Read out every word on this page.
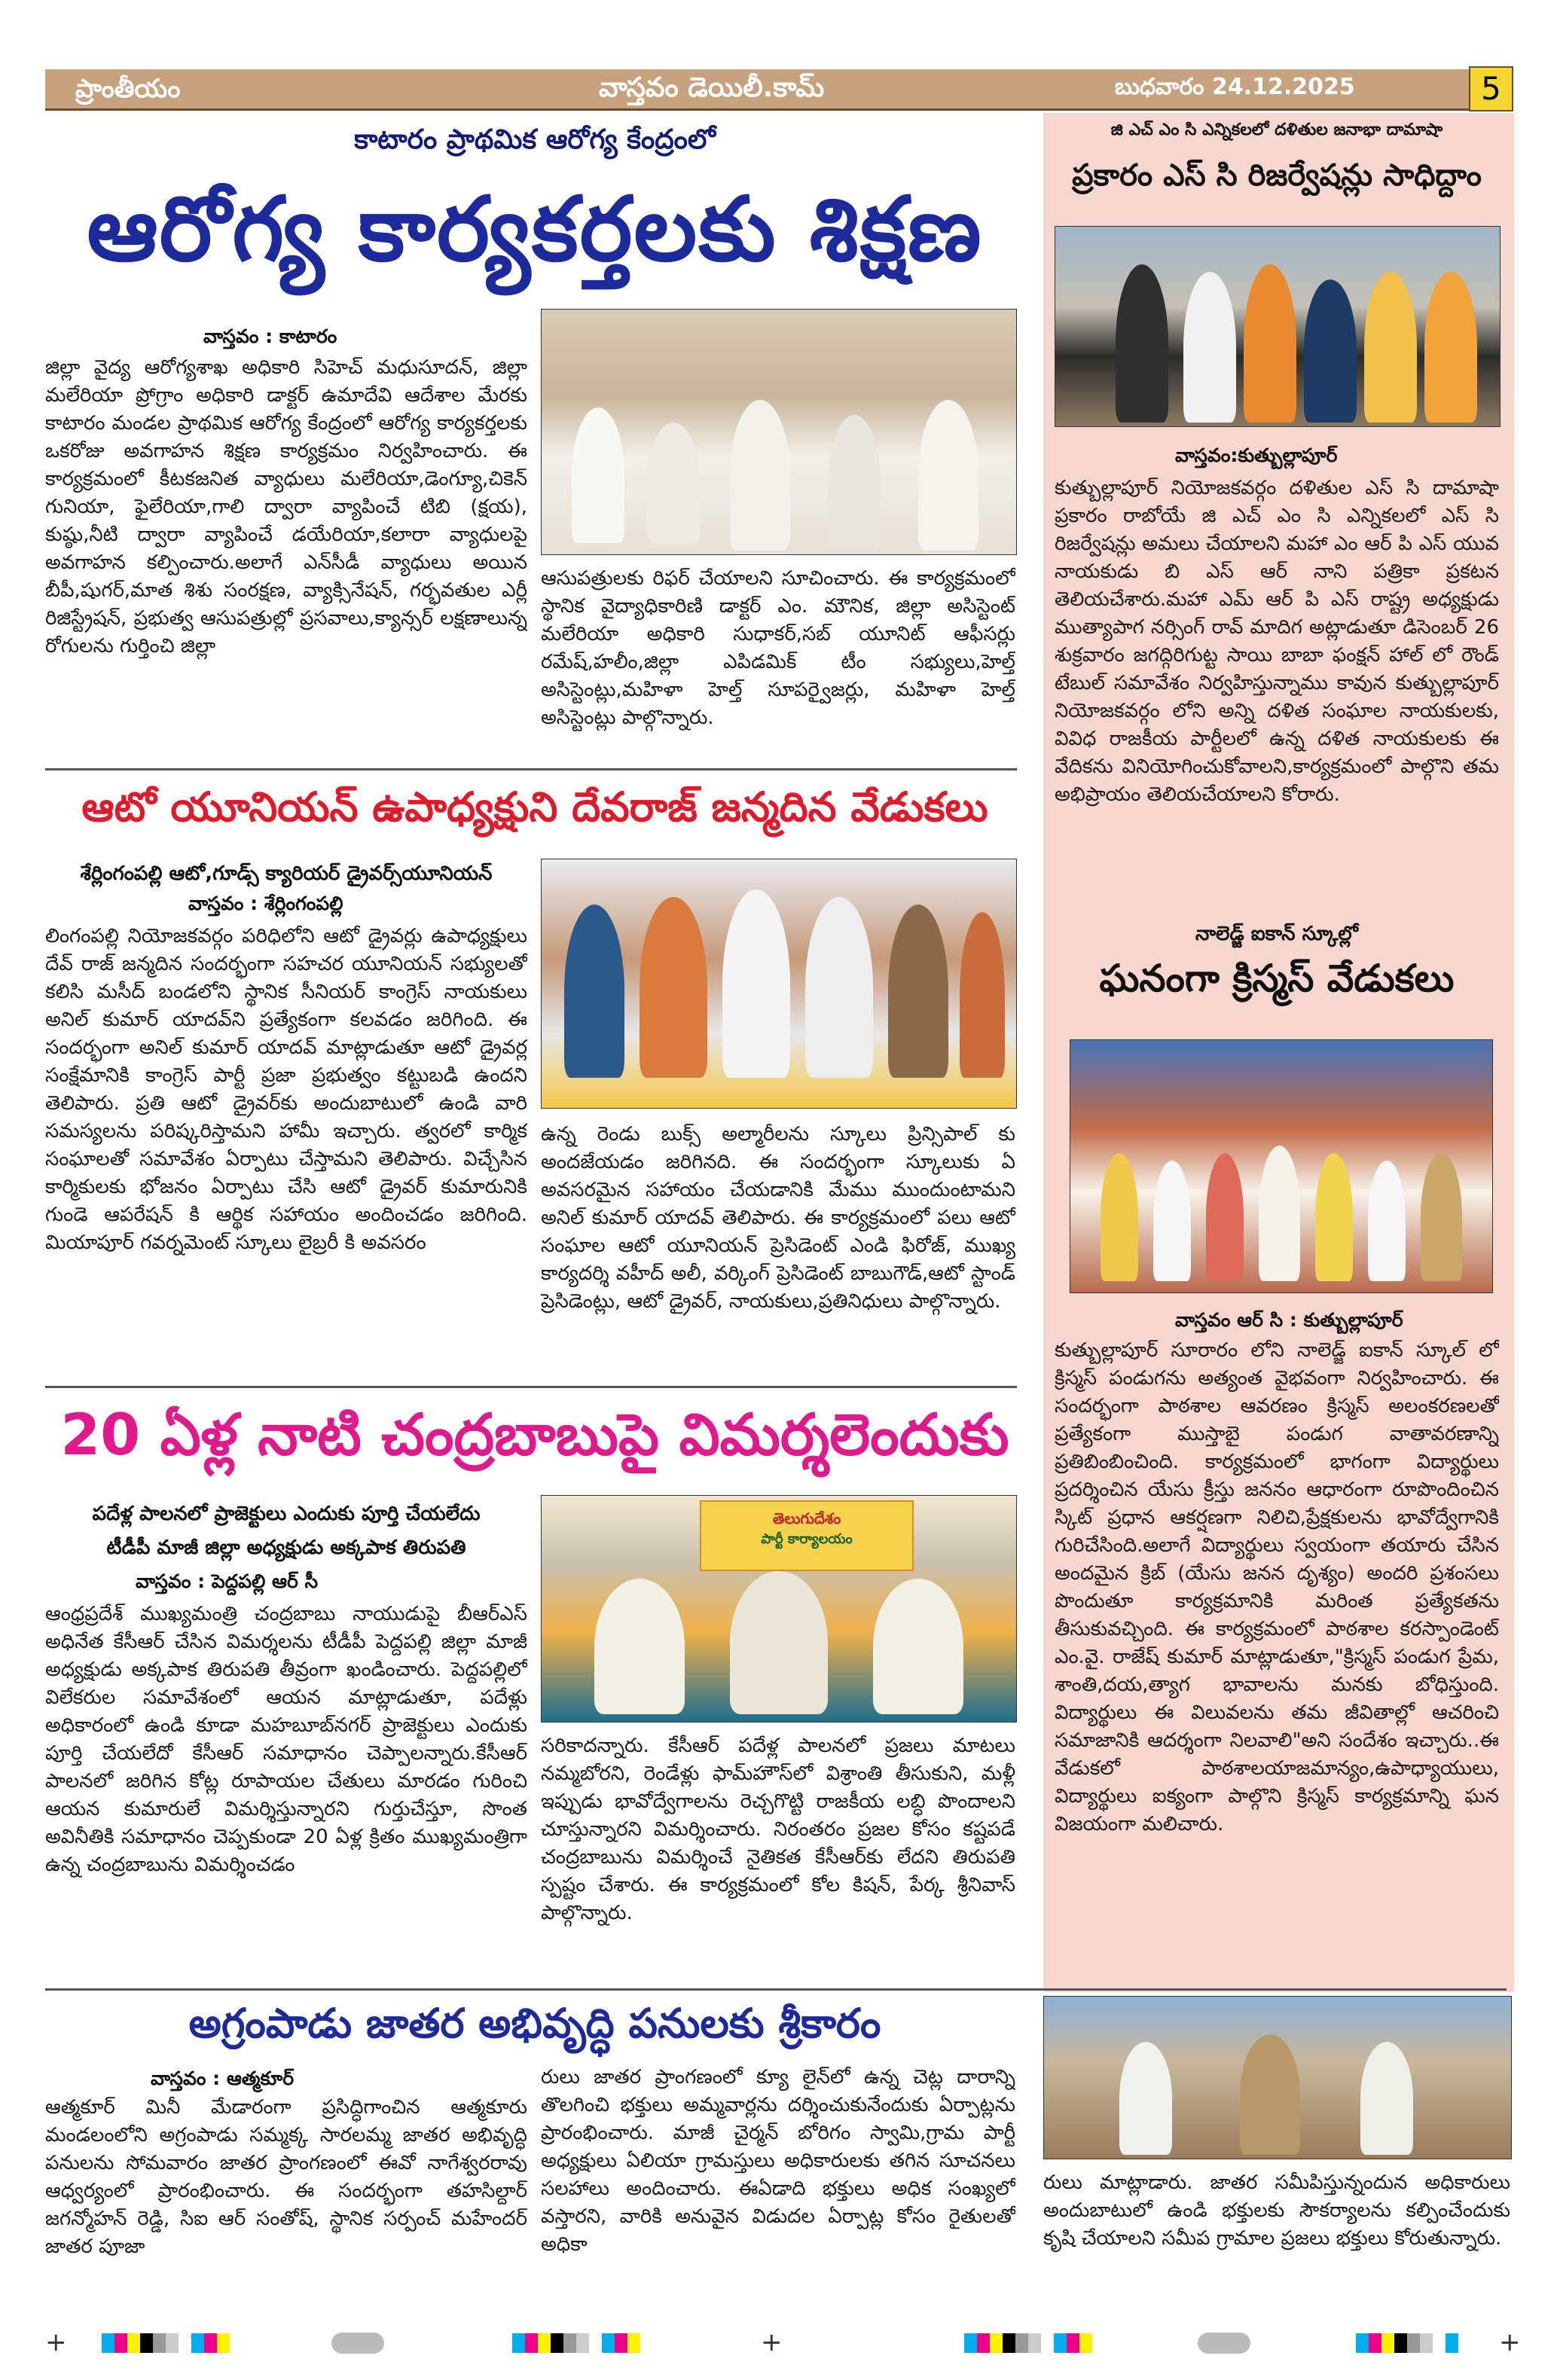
ప్రాంతీయం	వాస్తవం డెయిలీ.కామ్	బుధవారం 24.12.2025	5
కాటారం ప్రాథమిక ఆరోగ్య కేంద్రంలో
ఆరోగ్య కార్యకర్తలకు శిక్షణ
వాస్తవం : కాటారం
జిల్లా వైద్య ఆరోగ్యశాఖ అధికారి సిహెచ్ మధుసూదన్, జిల్లా మలేరియా ప్రోగ్రాం అధికారి డాక్టర్ ఉమాదేవి ఆదేశాల మేరకు కాటారం మండల ప్రాథమిక ఆరోగ్య కేంద్రంలో ఆరోగ్య కార్యకర్తలకు ఒకరోజు అవగాహన శిక్షణ కార్యక్రమం నిర్వహించారు. ఈ కార్యక్రమంలో కీటకజనిత వ్యాధులు మలేరియా,డెంగ్యూ,చికెన్ గునియా, ఫైలేరియా,గాలి ద్వారా వ్యాపించే టిబి (క్షయ), కుష్ఠు,నీటి ద్వారా వ్యాపించే డయేరియా,కలారా వ్యాధులపై అవగాహన కల్పించారు.అలాగే ఎన్‌సీడీ వ్యాధులు అయిన బీపీ,షుగర్,మాత శిశు సంరక్షణ, వ్యాక్సినేషన్, గర్భవతుల ఎర్లీ రిజిస్ట్రేషన్, ప్రభుత్వ ఆసుపత్రుల్లో ప్రసవాలు,క్యాన్సర్ లక్షణాలున్న రోగులను గుర్తించి జిల్లా
ఆసుపత్రులకు రిఫర్ చేయాలని సూచించారు. ఈ కార్యక్రమంలో స్థానిక వైద్యాధికారిణి డాక్టర్ ఎం. మౌనిక, జిల్లా అసిస్టెంట్ మలేరియా అధికారి సుధాకర్,సబ్ యూనిట్ ఆఫీసర్లు రమేష్,హలీం,జిల్లా ఎపిడమిక్ టీం సభ్యులు,హెల్త్ అసిస్టెంట్లు,మహిళా హెల్త్ సూపర్వైజర్లు, మహిళా హెల్త్ అసిస్టెంట్లు పాల్గొన్నారు.
ఆటో యూనియన్ ఉపాధ్యక్షుని దేవరాజ్ జన్మదిన వేడుకలు
శేర్లింగంపల్లి ఆటో,గూడ్స్ క్యారియర్ డ్రైవర్స్‌యూనియన్
వాస్తవం : శేర్లింగంపల్లి
లింగంపల్లి నియోజకవర్గం పరిధిలోని ఆటో డ్రైవర్లు ఉపాధ్యక్షులు దేవ్ రాజ్ జన్మదిన సందర్భంగా సహచర యూనియన్ సభ్యులతో కలిసి మసీద్ బండలోని స్థానిక సీనియర్ కాంగ్రెస్ నాయకులు అనిల్ కుమార్ యాదవ్‌ని ప్రత్యేకంగా కలవడం జరిగింది. ఈ సందర్భంగా అనిల్ కుమార్ యాదవ్ మాట్లాడుతూ ఆటో డ్రైవర్ల సంక్షేమానికి కాంగ్రెస్ పార్టీ ప్రజా ప్రభుత్వం కట్టుబడి ఉందని తెలిపారు. ప్రతి ఆటో డ్రైవర్‌కు అందుబాటులో ఉండి వారి సమస్యలను పరిష్కరిస్తామని హామీ ఇచ్చారు. త్వరలో కార్మిక సంఘాలతో సమావేశం ఏర్పాటు చేస్తామని తెలిపారు. విచ్చేసిన కార్మికులకు భోజనం ఏర్పాటు చేసి ఆటో డ్రైవర్ కుమారునికి గుండె ఆపరేషన్ కి ఆర్థిక సహాయం అందించడం జరిగింది. మియాపూర్ గవర్నమెంట్ స్కూలు లైబ్రరీ కి అవసరం
ఉన్న రెండు బుక్స్ అల్మారీలను స్కూలు ప్రిన్సిపాల్ కు అందజేయడం జరిగినది. ఈ సందర్భంగా స్కూలుకు ఏ అవసరమైన సహాయం చేయడానికి మేము ముందుంటామని అనిల్ కుమార్ యాదవ్ తెలిపారు. ఈ కార్యక్రమంలో పలు ఆటో సంఘాల ఆటో యూనియన్ ప్రెసిడెంట్ ఎండి ఫిరోజ్, ముఖ్య కార్యదర్శి వహీద్ అలీ, వర్కింగ్ ప్రెసిడెంట్ బాబుగౌడ్,ఆటో స్టాండ్ ప్రెసిడెంట్లు, ఆటో డ్రైవర్, నాయకులు,ప్రతినిధులు పాల్గొన్నారు.
20 ఏళ్ల నాటి చంద్రబాబుపై విమర్శలెందుకు
పదేళ్ల పాలనలో ప్రాజెక్టులు ఎందుకు పూర్తి చేయలేదు
టీడీపీ మాజీ జిల్లా అధ్యక్షుడు అక్కపాక తిరుపతి
వాస్తవం : పెద్దపల్లి ఆర్ సీ
ఆంధ్రప్రదేశ్ ముఖ్యమంత్రి చంద్రబాబు నాయుడుపై బీఆర్ఎస్ అధినేత కేసీఆర్ చేసిన విమర్శలను టీడీపీ పెద్దపల్లి జిల్లా మాజీ అధ్యక్షుడు అక్కపాక తిరుపతి తీవ్రంగా ఖండించారు. పెద్దపల్లిలో విలేకరుల సమావేశంలో ఆయన మాట్లాడుతూ, పదేళ్లు అధికారంలో ఉండి కూడా మహబూబ్‌నగర్ ప్రాజెక్టులు ఎందుకు పూర్తి చేయలేదో కేసీఆర్ సమాధానం చెప్పాలన్నారు.కేసీఆర్ పాలనలో జరిగిన కోట్ల రూపాయల చేతులు మారడం గురించి ఆయన కుమారులే విమర్శిస్తున్నారని గుర్తుచేస్తూ, సొంత అవినీతికి సమాధానం చెప్పకుండా 20 ఏళ్ల క్రితం ముఖ్యమంత్రిగా ఉన్న చంద్రబాబును విమర్శించడం
తెలుగుదేశం
పార్టీ కార్యాలయం
సరికాదన్నారు. కేసీఆర్ పదేళ్ల పాలనలో ప్రజలు మాటలు నమ్మబోరని, రెండేళ్లు ఫామ్‌హౌస్‌లో విశ్రాంతి తీసుకుని, మళ్లీ ఇప్పుడు భావోద్వేగాలను రెచ్చగొట్టి రాజకీయ లబ్ధి పొందాలని చూస్తున్నారని విమర్శించారు. నిరంతరం ప్రజల కోసం కష్టపడే చంద్రబాబును విమర్శించే నైతికత కేసీఆర్‌కు లేదని తిరుపతి స్పష్టం చేశారు. ఈ కార్యక్రమంలో కోల కిషన్, పేర్క శ్రీనివాస్ పాల్గొన్నారు.
అగ్రంపాడు జాతర అభివృద్ధి పనులకు శ్రీకారం
వాస్తవం : ఆత్మకూర్
ఆత్మకూర్ మినీ మేడారంగా ప్రసిద్ధిగాంచిన ఆత్మకూరు మండలంలోని అగ్రంపాడు సమ్మక్క సారలమ్మ జాతర అభివృద్ధి పనులను సోమవారం జాతర ప్రాంగణంలో ఈవో నాగేశ్వరరావు ఆధ్వర్యంలో ప్రారంభించారు. ఈ సందర్భంగా తహసిల్దార్ జగన్మోహన్ రెడ్డి, సిఐ ఆర్ సంతోష్, స్థానిక సర్పంచ్ మహేందర్ జాతర పూజా
రులు జాతర ప్రాంగణంలో క్యూ లైన్‌లో ఉన్న చెట్ల దారాన్ని తొలగించి భక్తులు అమ్మవార్లను దర్శించుకునేందుకు ఏర్పాట్లను ప్రారంభించారు. మాజీ చైర్మన్ బోరిగం స్వామి,గ్రామ పార్టీ అధ్యక్షులు ఏలియా గ్రామస్తులు అధికారులకు తగిన సూచనలు సలహాలు అందించారు. ఈఏడాది భక్తులు అధిక సంఖ్యలో వస్తారని, వారికి అనువైన విడుదల ఏర్పాట్ల కోసం రైతులతో అధికా
రులు మాట్లాడారు. జాతర సమీపిస్తున్నందున అధికారులు అందుబాటులో ఉండి భక్తులకు సౌకర్యాలను కల్పించేందుకు కృషి చేయాలని సమీప గ్రామాల ప్రజలు భక్తులు కోరుతున్నారు.
జి ఎచ్ ఎం సి ఎన్నికలలో దళితుల జనాభా దామాషా
ప్రకారం ఎస్ సి రిజర్వేషన్లు సాధిద్దాం
వాస్తవం:కుత్బుల్లాపూర్
కుత్బుల్లాపూర్ నియోజకవర్గం దళితుల ఎస్ సి దామాషా ప్రకారం రాబోయే జి ఎచ్ ఎం సి ఎన్నికలలో ఎస్ సి రిజర్వేషన్లు అమలు చేయాలని మహా ఎం ఆర్ పి ఎస్ యువ నాయకుడు బి ఎస్ ఆర్ నాని పత్రికా ప్రకటన తెలియచేశారు.మహా ఎమ్ ఆర్ పి ఎస్ రాష్ట్ర అధ్యక్షుడు ముత్యాపాగ నర్సింగ్ రావ్ మాదిగ అట్లాడుతూ డిసెంబర్ 26 శుక్రవారం జగద్గిరిగుట్ట సాయి బాబా ఫంక్షన్ హాల్ లో రౌండ్ టేబుల్ సమావేశం నిర్వహిస్తున్నాము కావున కుత్బుల్లాపూర్ నియోజకవర్గం లోని అన్ని దళిత సంఘాల నాయకులకు, వివిధ రాజకీయ పార్టీలలో ఉన్న దళిత నాయకులకు ఈ వేదికను వినియోగించుకోవాలని,కార్యక్రమంలో పాల్గొని తమ అభిప్రాయం తెలియచేయాలని కోరారు.
నాలెడ్జ్ ఐకాన్ స్కూల్లో
ఘనంగా క్రిస్మస్ వేడుకలు
వాస్తవం ఆర్ సి : కుత్బుల్లాపూర్
కుత్బుల్లాపూర్ సూరారం లోని నాలెడ్జ్ ఐకాన్ స్కూల్ లో క్రిస్మస్ పండుగను అత్యంత వైభవంగా నిర్వహించారు. ఈ సందర్భంగా పాఠశాల ఆవరణం క్రిస్మస్ అలంకరణలతో ప్రత్యేకంగా ముస్తాబై పండుగ వాతావరణాన్ని ప్రతిబింబించింది. కార్యక్రమంలో భాగంగా విద్యార్థులు ప్రదర్శించిన యేసు క్రీస్తు జననం ఆధారంగా రూపొందించిన స్కిట్ ప్రధాన ఆకర్షణగా నిలిచి,ప్రేక్షకులను భావోద్వేగానికి గురిచేసింది.అలాగే విద్యార్థులు స్వయంగా తయారు చేసిన అందమైన క్రిబ్ (యేసు జనన దృశ్యం) అందరి ప్రశంసలు పొందుతూ కార్యక్రమానికి మరింత ప్రత్యేకతను తీసుకువచ్చింది. ఈ కార్యక్రమంలో పాఠశాల కరస్పాండెంట్ ఎం.వై. రాజేష్ కుమార్ మాట్లాడుతూ,"క్రిస్మస్ పండుగ ప్రేమ, శాంతి,దయ,త్యాగ భావాలను మనకు బోధిస్తుంది. విద్యార్థులు ఈ విలువలను తమ జీవితాల్లో ఆచరించి సమాజానికి ఆదర్శంగా నిలవాలి"అని సందేశం ఇచ్చారు..ఈ వేడుకలో పాఠశాలయాజమాన్యం,ఉపాధ్యాయులు, విద్యార్థులు ఐక్యంగా పాల్గొని క్రిస్మస్ కార్యక్రమాన్ని ఘన విజయంగా మలిచారు.
+	+	+
